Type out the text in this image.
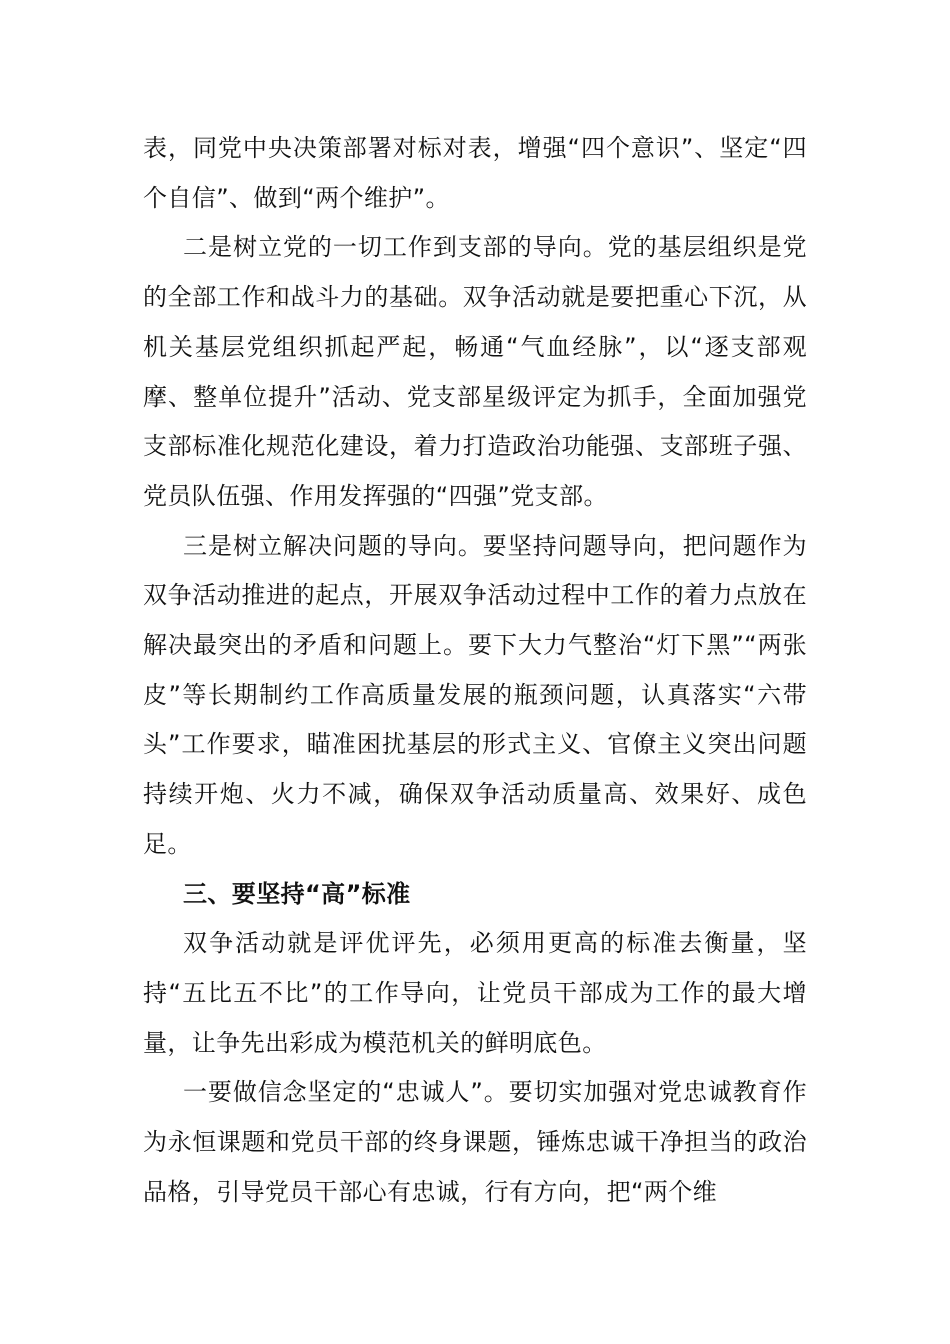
表，同党中央决策部署对标对表，增强“四个意识”、坚定“四个自信”、做到“两个维护”。

二是树立党的一切工作到支部的导向。党的基层组织是党的全部工作和战斗力的基础。双争活动就是要把重心下沉，从机关基层党组织抓起严起，畅通“气血经脉”，以“逐支部观摩、整单位提升”活动、党支部星级评定为抓手，全面加强党支部标准化规范化建设，着力打造政治功能强、支部班子强、党员队伍强、作用发挥强的“四强”党支部。

三是树立解决问题的导向。要坚持问题导向，把问题作为双争活动推进的起点，开展双争活动过程中工作的着力点放在解决最突出的矛盾和问题上。要下大力气整治“灯下黑”“两张皮”等长期制约工作高质量发展的瓶颈问题，认真落实“六带头”工作要求，瞄准困扰基层的形式主义、官僚主义突出问题持续开炮、火力不减，确保双争活动质量高、效果好、成色足。

三、要坚持“高”标准

双争活动就是评优评先，必须用更高的标准去衡量，坚持“五比五不比”的工作导向，让党员干部成为工作的最大增量，让争先出彩成为模范机关的鲜明底色。

一要做信念坚定的“忠诚人”。要切实加强对党忠诚教育作为永恒课题和党员干部的终身课题，锤炼忠诚干净担当的政治品格，引导党员干部心有忠诚，行有方向，把“两个维
